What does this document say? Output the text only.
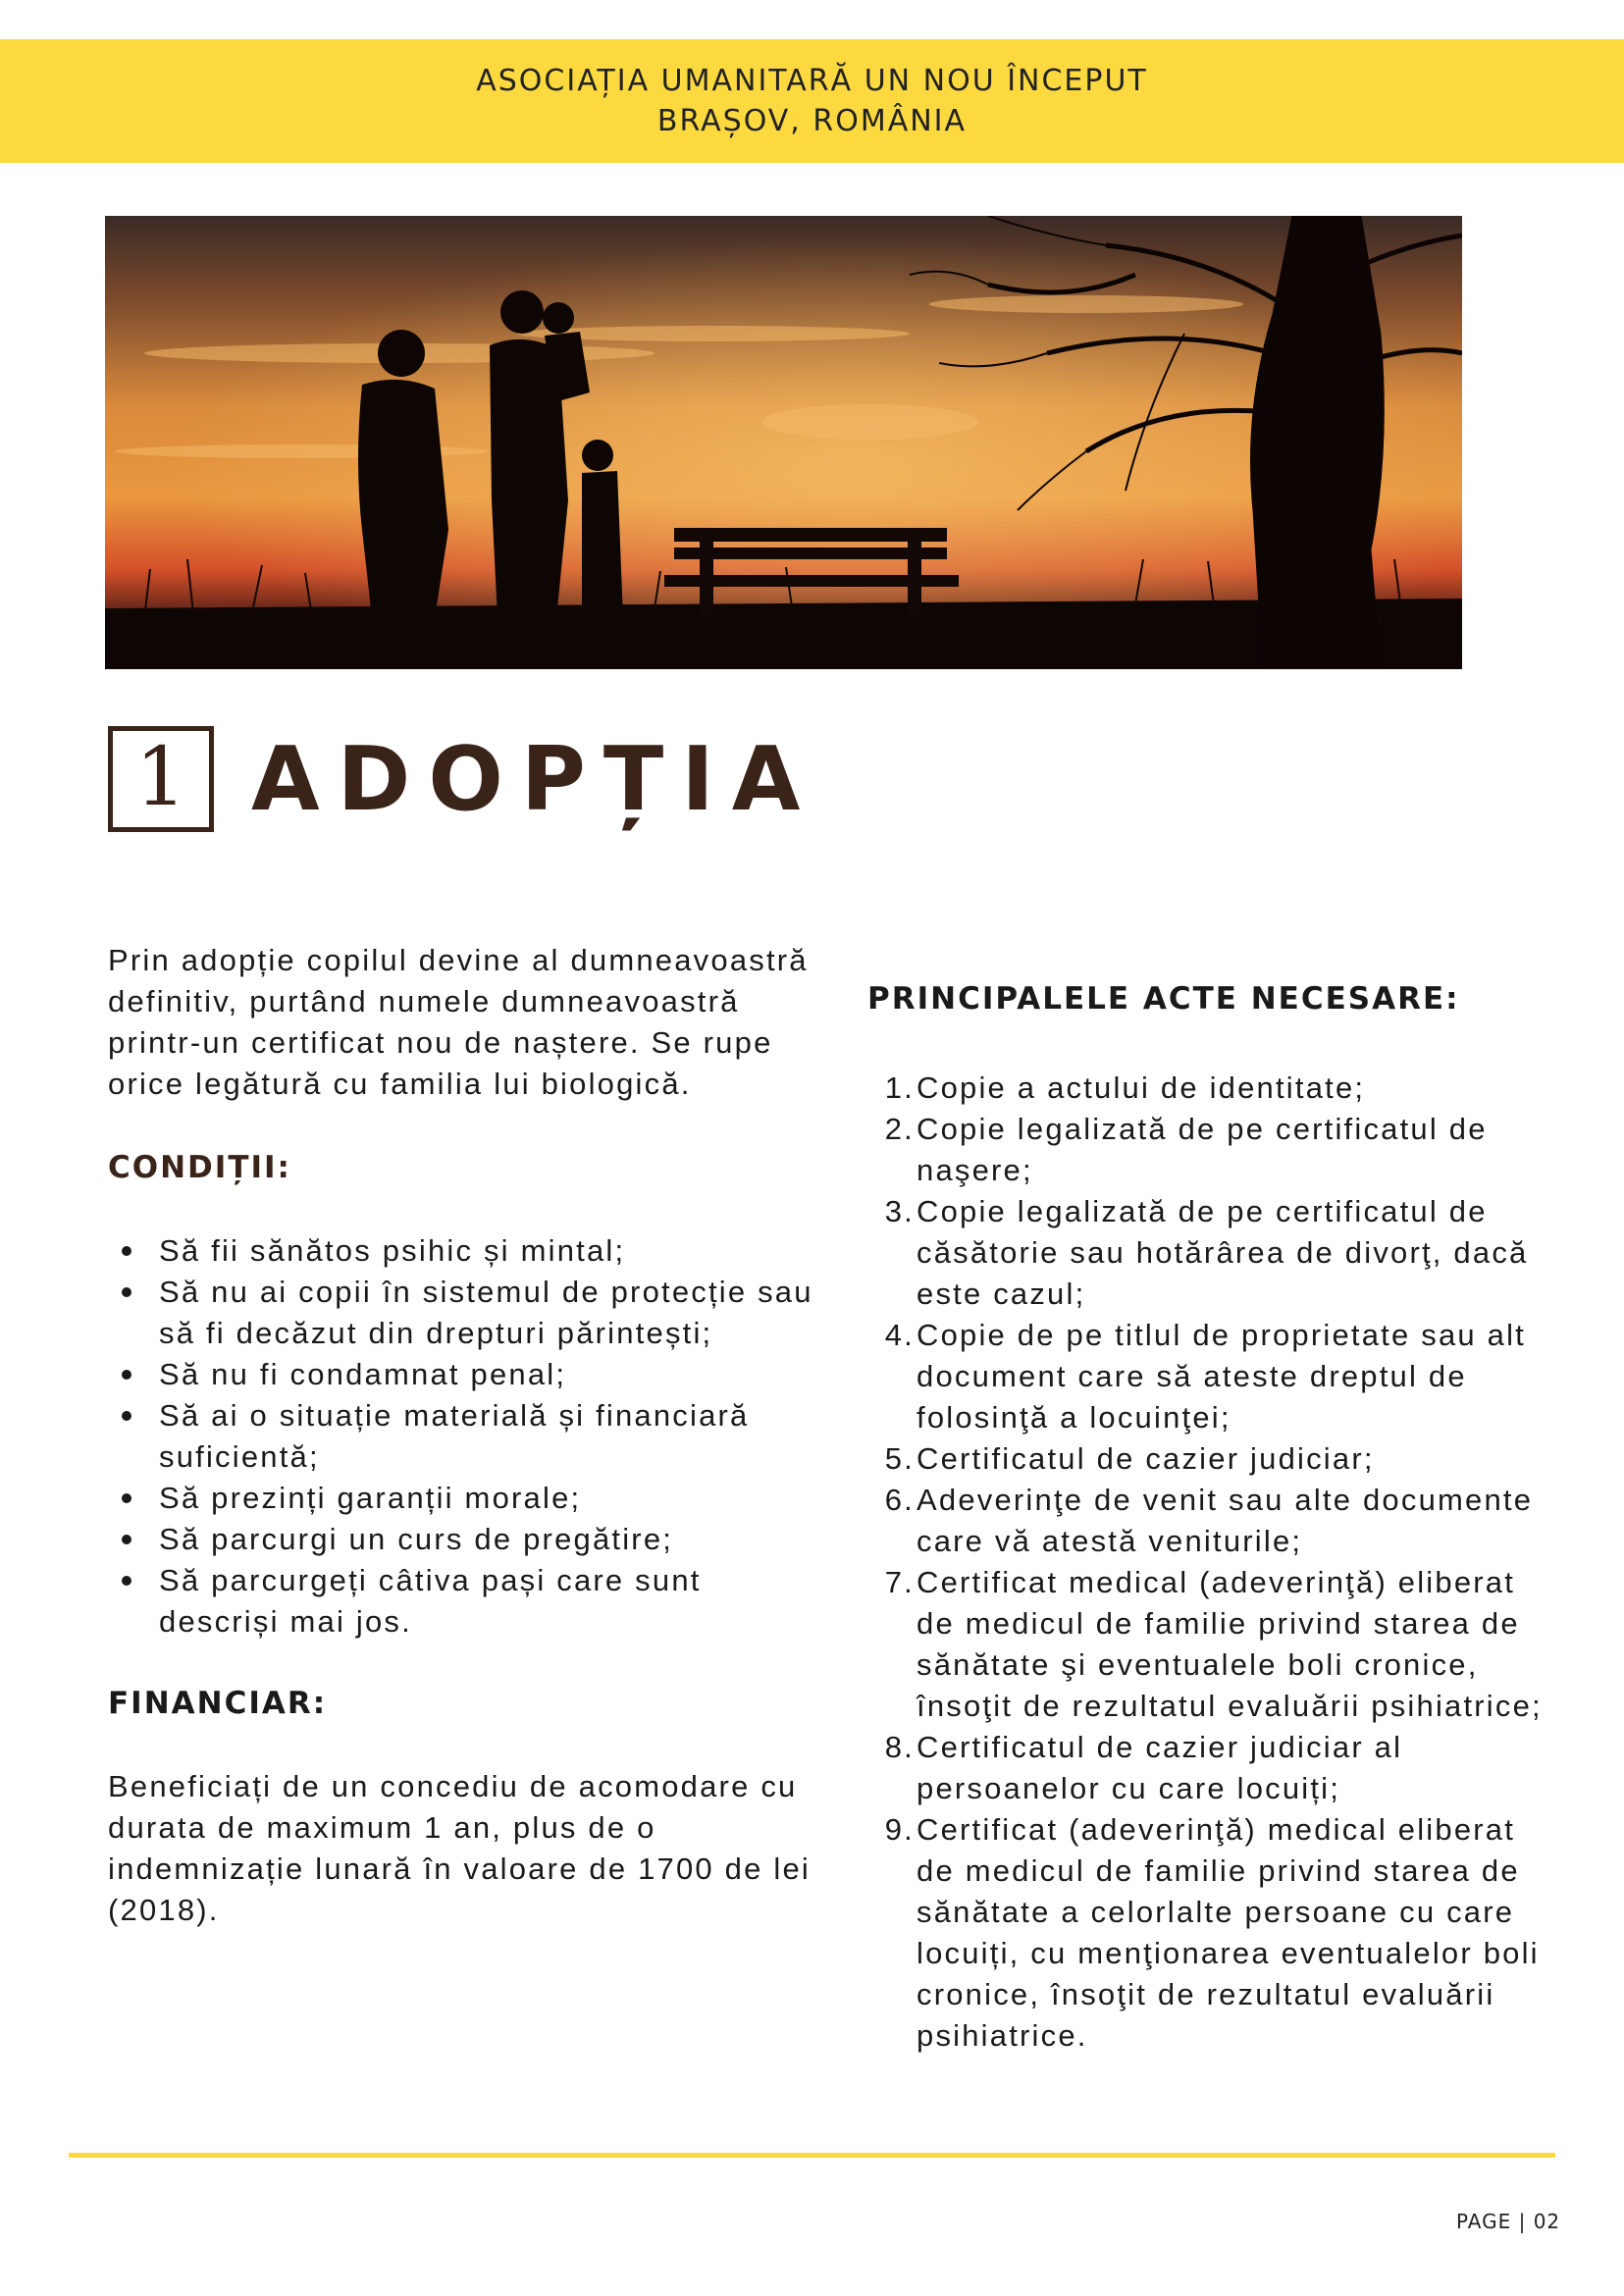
ASOCIAȚIA UMANITARĂ UN NOU ÎNCEPUT
BRAȘOV, ROMÂNIA
1 ADOPȚIA

Prin adopție copilul devine al dumneavoastră definitiv, purtând numele dumneavoastră printr-un certificat nou de naștere. Se rupe orice legătură cu familia lui biologică.

CONDIȚII:

Să fii sănătos psihic și mintal;
Să nu ai copii în sistemul de protecție sau să fi decăzut din drepturi părintești;
Să nu fi condamnat penal;
Să ai o situație materială și financiară suficientă;
Să prezinți garanții morale;
Să parcurgi un curs de pregătire;
Să parcurgeți câtiva pași care sunt descriși mai jos.

FINANCIAR:

Beneficiați de un concediu de acomodare cu durata de maximum 1 an, plus de o indemnizație lunară în valoare de 1700 de lei (2018).

PRINCIPALELE ACTE NECESARE:

1. Copie a actului de identitate;
2. Copie legalizată de pe certificatul de naşere;
3. Copie legalizată de pe certificatul de căsătorie sau hotărârea de divorţ, dacă este cazul;
4. Copie de pe titlul de proprietate sau alt document care să ateste dreptul de folosinţă a locuinţei;
5. Certificatul de cazier judiciar;
6. Adeverinţe de venit sau alte documente care vă atestă veniturile;
7. Certificat medical (adeverinţă) eliberat de medicul de familie privind starea de sănătate şi eventualele boli cronice, însoţit de rezultatul evaluării psihiatrice;
8. Certificatul de cazier judiciar al persoanelor cu care locuiți;
9. Certificat (adeverinţă) medical eliberat de medicul de familie privind starea de sănătate a celorlalte persoane cu care locuiți, cu menţionarea eventualelor boli cronice, însoţit de rezultatul evaluării psihiatrice.
PAGE | 02
